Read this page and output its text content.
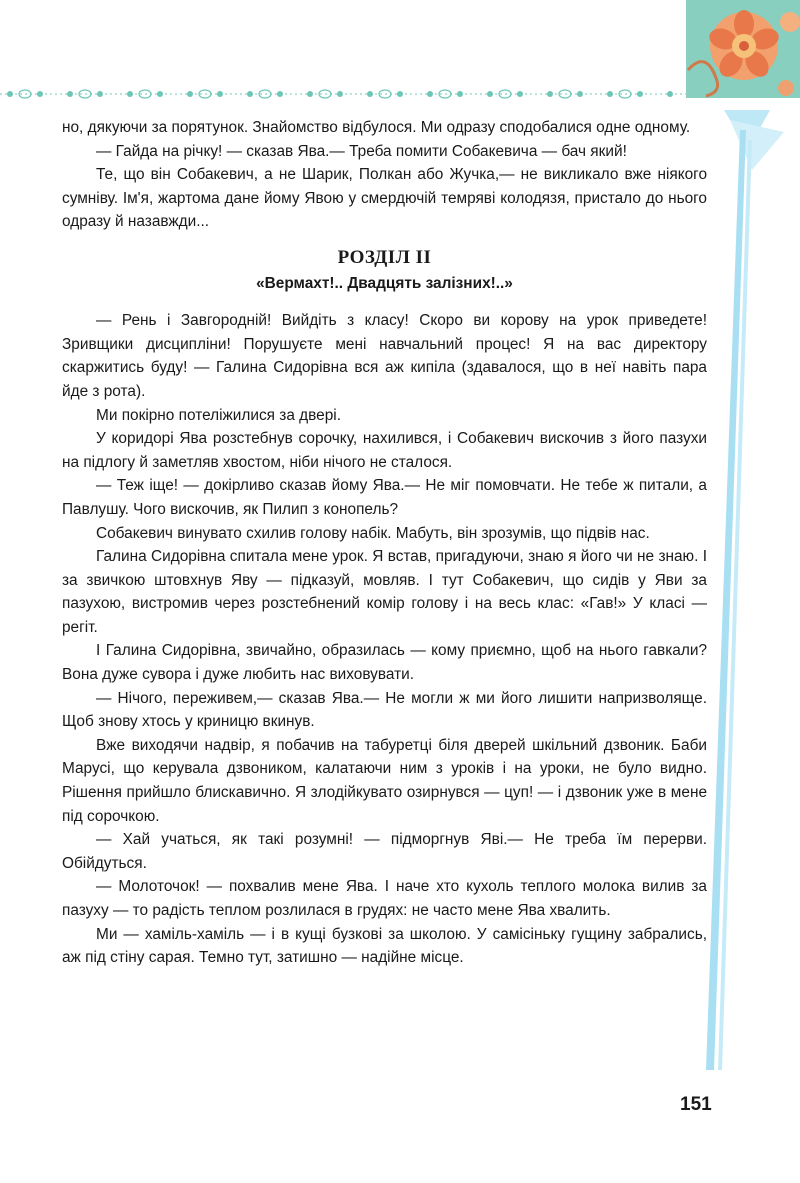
но, дякуючи за порятунок. Знайомство відбулося. Ми одразу сподобалися одне одному.

— Гайда на річку! — сказав Ява.— Треба помити Собакевича — бач який!

Те, що він Собакевич, а не Шарик, Полкан або Жучка,— не викликало вже ніякого сумніву. Ім'я, жартома дане йому Явою у смердючій темряві колодязя, пристало до нього одразу й назавжди...

РОЗДІЛ II
«Вермахт!.. Двадцять залізних!..»

— Рень і Завгородній! Вийдіть з класу! Скоро ви корову на урок приведете! Зривщики дисципліни! Порушуєте мені навчальний процес! Я на вас директору скаржитись буду! — Галина Сидорівна вся аж кипіла (здавалося, що в неї навіть пара йде з рота).

Ми покірно потеліжилися за двері.

У коридорі Ява розстебнув сорочку, нахилився, і Собакевич вискочив з його пазухи на підлогу й заметляв хвостом, ніби нічого не сталося.

— Теж іще! — докірливо сказав йому Ява.— Не міг помовчати. Не тебе ж питали, а Павлушу. Чого вискочив, як Пилип з конопель?

Собакевич винувато схилив голову набік. Мабуть, він зрозумів, що підвів нас.

Галина Сидорівна спитала мене урок. Я встав, пригадуючи, знаю я його чи не знаю. І за звичкою штовхнув Яву — підказуй, мовляв. І тут Собакевич, що сидів у Яви за пазухою, вистромив через розстебнений комір голову і на весь клас: «Гав!» У класі — регіт.

І Галина Сидорівна, звичайно, образилась — кому приємно, щоб на нього гавкали? Вона дуже сувора і дуже любить нас виховувати.

— Нічого, переживем,— сказав Ява.— Не могли ж ми його лишити напризволяще. Щоб знову хтось у криницю вкинув.

Вже виходячи надвір, я побачив на табуретці біля дверей шкільний дзвоник. Баби Марусі, що керувала дзвоником, калатаючи ним з уроків і на уроки, не було видно. Рішення прийшло блискавично. Я злодійкувато озирнувся — цуп! — і дзвоник уже в мене під сорочкою.

— Хай учаться, як такі розумні! — підморгнув Яві.— Не треба їм перерви. Обійдуться.

— Молоточок! — похвалив мене Ява. І наче хто кухоль теплого молока вилив за пазуху — то радість теплом розлилася в грудях: не часто мене Ява хвалить.

Ми — хаміль-хаміль — і в кущі бузкові за школою. У самісіньку гущину забрались, аж під стіну сарая. Темно тут, затишно — надійне місце.

151
